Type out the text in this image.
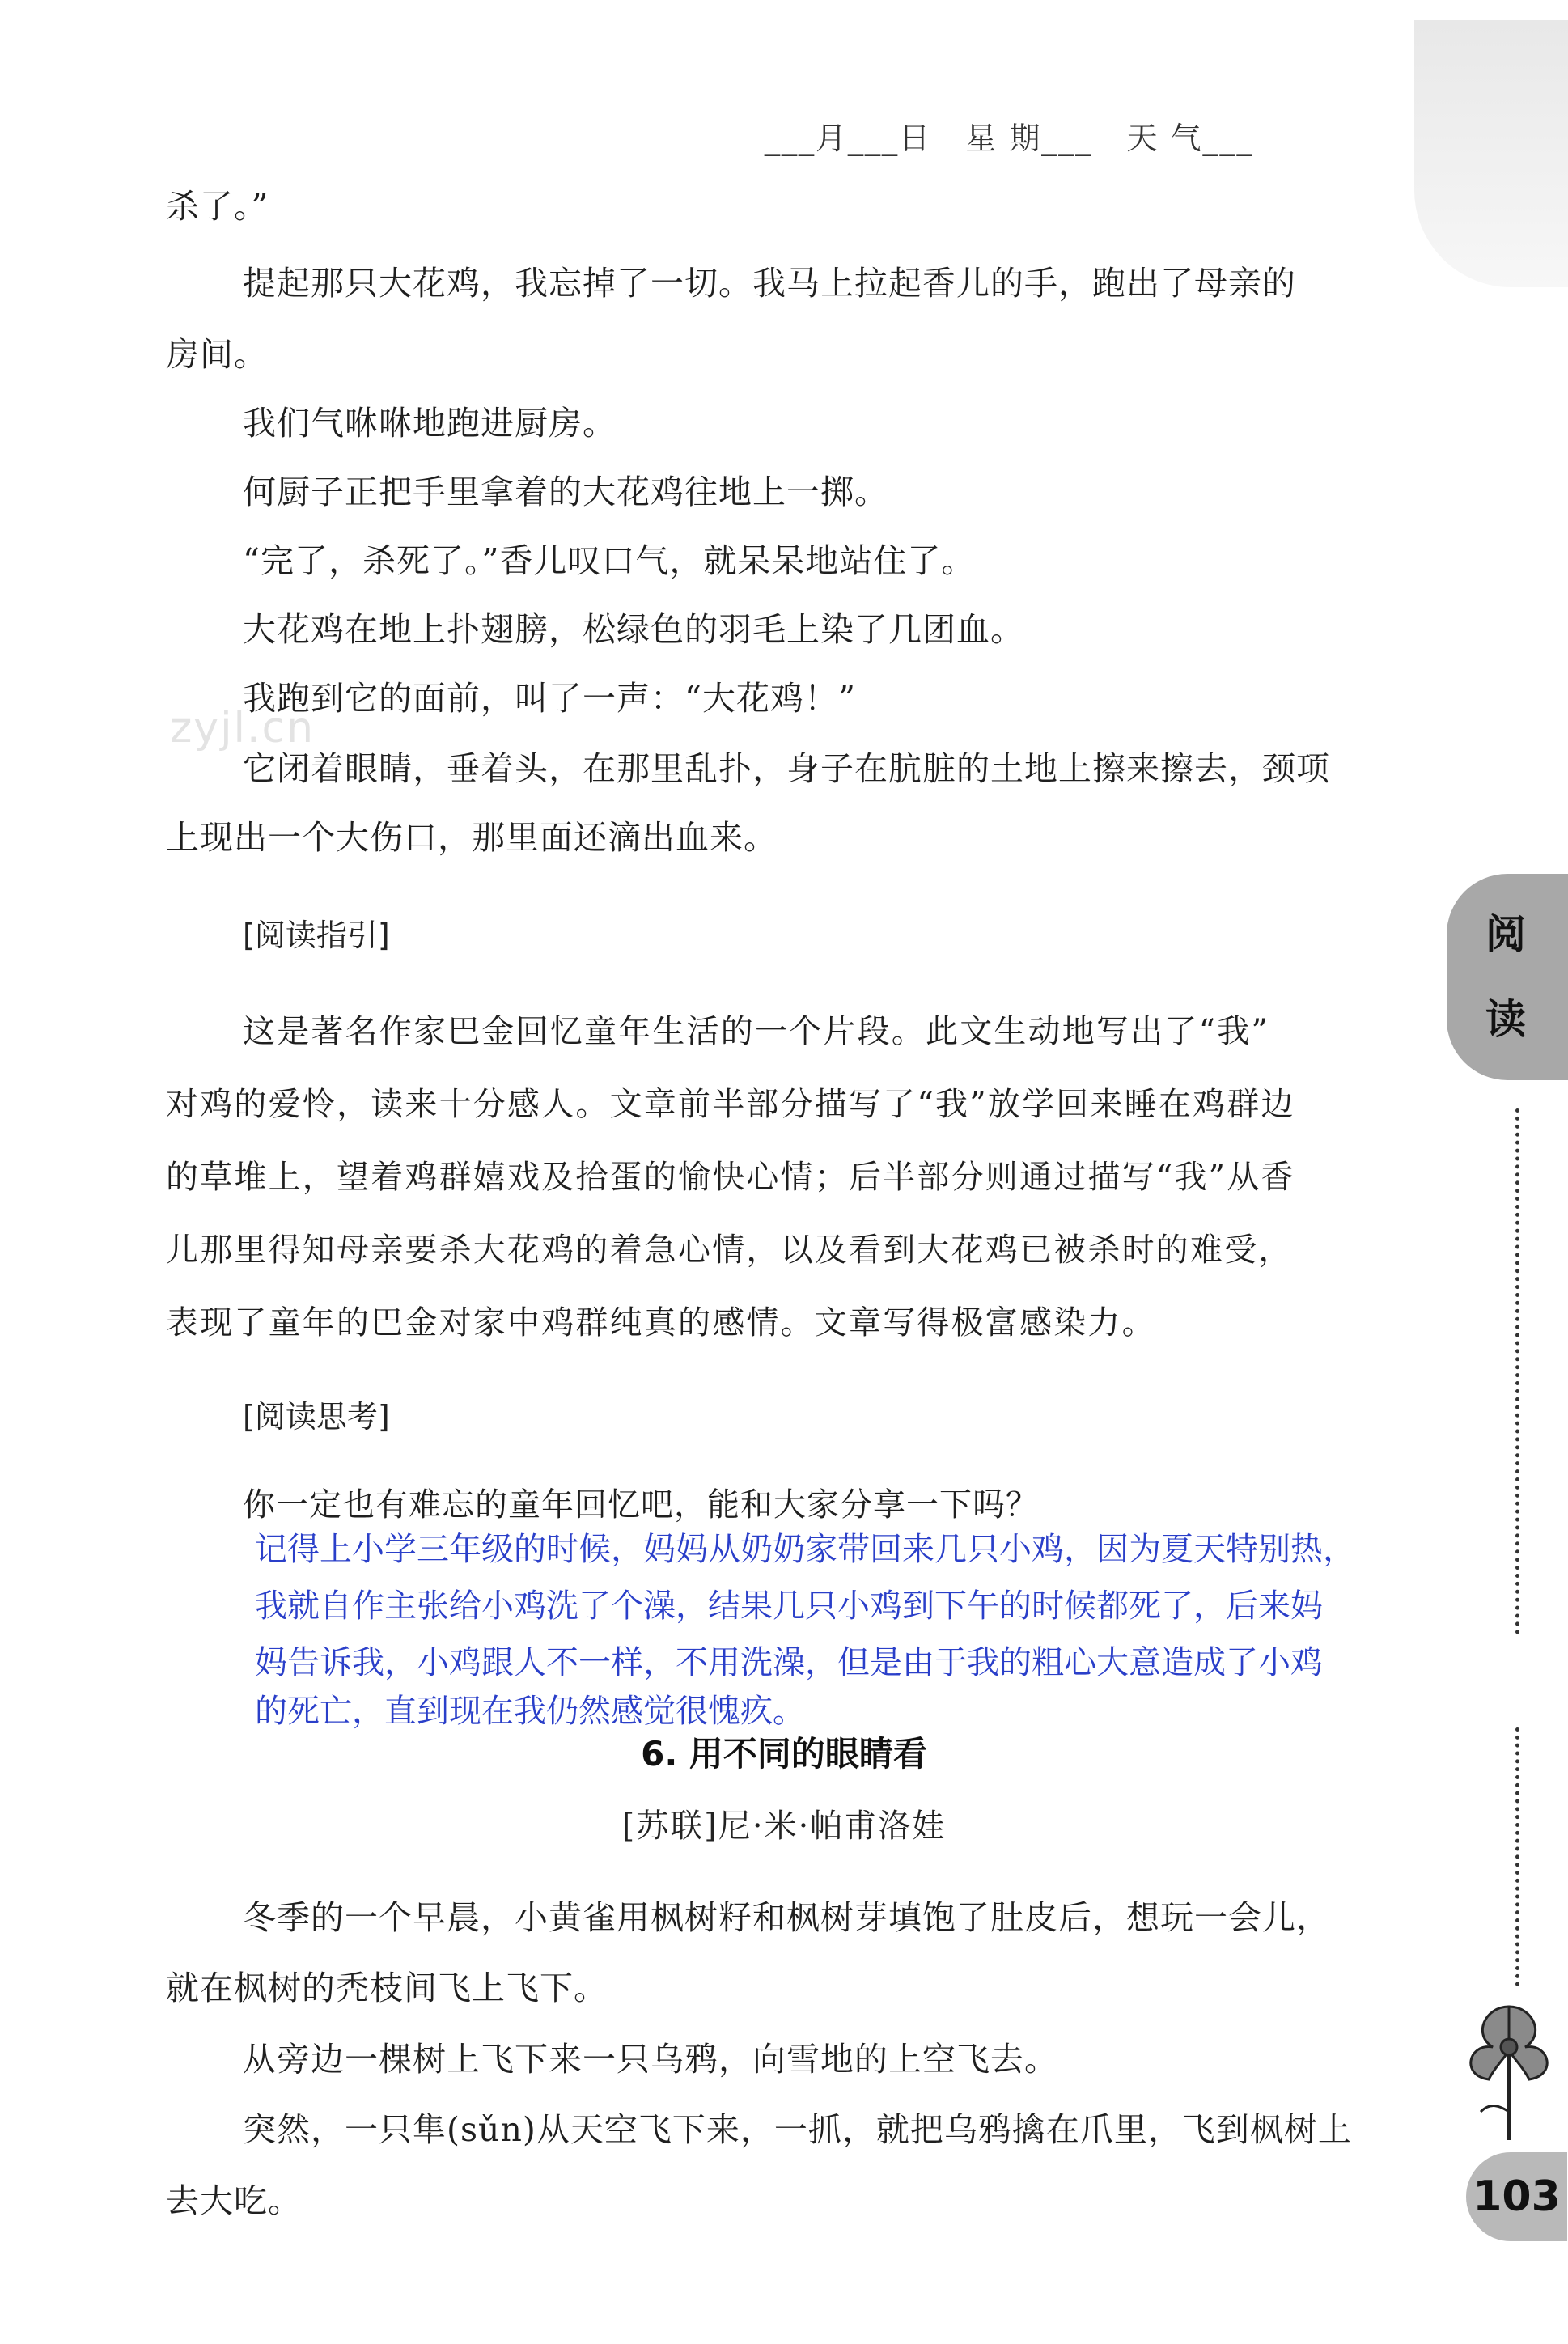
zyjl.cn
___月___日   星 期___   天 气___
杀了。”
提起那只大花鸡，我忘掉了一切。我马上拉起香儿的手，跑出了母亲的
房间。
我们气咻咻地跑进厨房。
何厨子正把手里拿着的大花鸡往地上一掷。
“完了，杀死了。”香儿叹口气，就呆呆地站住了。
大花鸡在地上扑翅膀，松绿色的羽毛上染了几团血。
我跑到它的面前，叫了一声：“大花鸡！”
它闭着眼睛，垂着头，在那里乱扑，身子在肮脏的土地上擦来擦去，颈项
上现出一个大伤口，那里面还滴出血来。
[阅读指引]
这是著名作家巴金回忆童年生活的一个片段。此文生动地写出了“我”
对鸡的爱怜，读来十分感人。文章前半部分描写了“我”放学回来睡在鸡群边
的草堆上，望着鸡群嬉戏及拾蛋的愉快心情；后半部分则通过描写“我”从香
儿那里得知母亲要杀大花鸡的着急心情，以及看到大花鸡已被杀时的难受，
表现了童年的巴金对家中鸡群纯真的感情。文章写得极富感染力。
[阅读思考]
你一定也有难忘的童年回忆吧，能和大家分享一下吗？
记得上小学三年级的时候，妈妈从奶奶家带回来几只小鸡，因为夏天特别热，
我就自作主张给小鸡洗了个澡，结果几只小鸡到下午的时候都死了，后来妈
妈告诉我，小鸡跟人不一样，不用洗澡，但是由于我的粗心大意造成了小鸡
的死亡，直到现在我仍然感觉很愧疚。
6. 用不同的眼睛看
[苏联]尼·米·帕甫洛娃
冬季的一个早晨，小黄雀用枫树籽和枫树芽填饱了肚皮后，想玩一会儿，
就在枫树的秃枝间飞上飞下。
从旁边一棵树上飞下来一只乌鸦，向雪地的上空飞去。
突然，一只隼(sǔn)从天空飞下来，一抓，就把乌鸦擒在爪里，飞到枫树上
去大吃。
阅
读
103
